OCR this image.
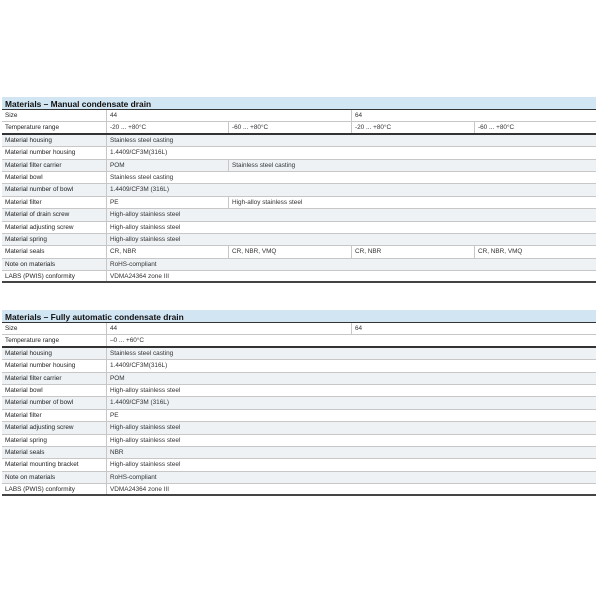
Materials – Manual condensate drain
Size	44	64
Temperature range	-20 ... +80°C	-60 ... +80°C	-20 ... +80°C	-60 ... +80°C
Material housing	Stainless steel casting
Material number housing	1.4409/CF3M(316L)
Material filter carrier	POM	Stainless steel casting
Material bowl	Stainless steel casting
Material number of bowl	1.4409/CF3M (316L)
Material filter	PE	High-alloy stainless steel
Material of drain screw	High-alloy stainless steel
Material adjusting screw	High-alloy stainless steel
Material spring	High-alloy stainless steel
Material seals	CR, NBR	CR, NBR, VMQ	CR, NBR	CR, NBR, VMQ
Note on materials	RoHS-compliant
LABS (PWIS) conformity	VDMA24364 zone III
Materials – Fully automatic condensate drain
Size	44	64
Temperature range	–0 ... +60°C
Material housing	Stainless steel casting
Material number housing	1.4409/CF3M(316L)
Material filter carrier	POM
Material bowl	High-alloy stainless steel
Material number of bowl	1.4409/CF3M (316L)
Material filter	PE
Material adjusting screw	High-alloy stainless steel
Material spring	High-alloy stainless steel
Material seals	NBR
Material mounting bracket	High-alloy stainless steel
Note on materials	RoHS-compliant
LABS (PWIS) conformity	VDMA24364 zone III
